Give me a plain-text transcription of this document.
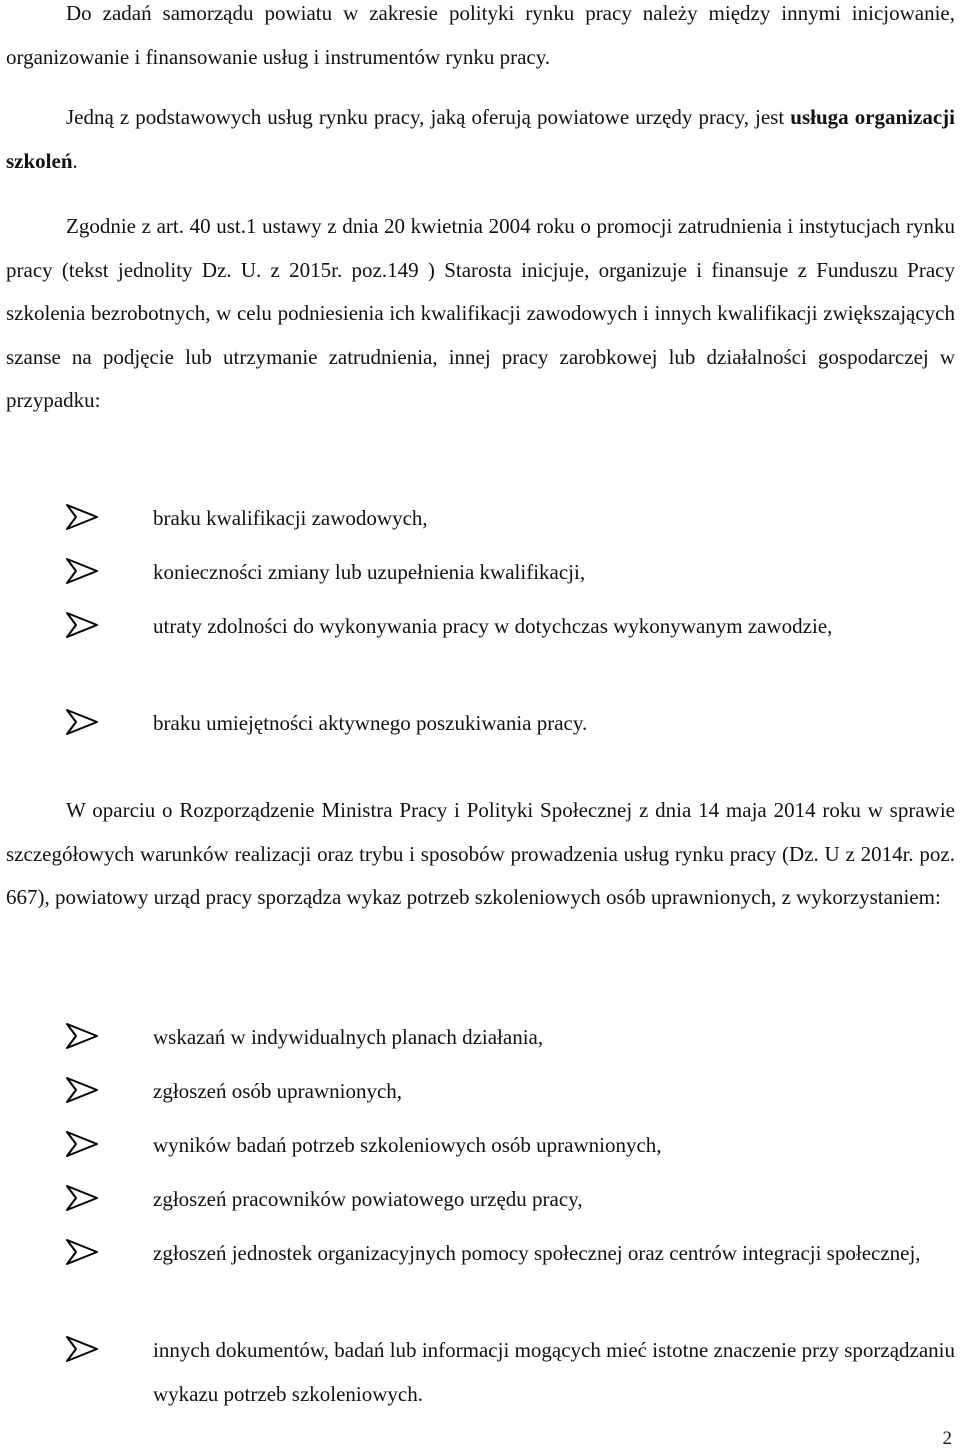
Do zadań samorządu powiatu w zakresie polityki rynku pracy należy między innymi inicjowanie, organizowanie i finansowanie usług i instrumentów rynku pracy.

Jedną z podstawowych usług rynku pracy, jaką oferują powiatowe urzędy pracy, jest usługa organizacji szkoleń.

Zgodnie z art. 40 ust.1 ustawy z dnia 20 kwietnia 2004 roku o promocji zatrudnienia i instytucjach rynku pracy (tekst jednolity Dz. U. z 2015r. poz.149 ) Starosta inicjuje, organizuje i finansuje z Funduszu Pracy szkolenia bezrobotnych, w celu podniesienia ich kwalifikacji zawodowych i innych kwalifikacji zwiększających szanse na podjęcie lub utrzymanie zatrudnienia, innej pracy zarobkowej lub działalności gospodarczej w przypadku:

braku kwalifikacji zawodowych,
konieczności zmiany lub uzupełnienia kwalifikacji,
utraty zdolności do wykonywania pracy w dotychczas wykonywanym zawodzie,
braku umiejętności aktywnego poszukiwania pracy.

W oparciu o Rozporządzenie Ministra Pracy i Polityki Społecznej z dnia 14 maja 2014 roku w sprawie szczegółowych warunków realizacji oraz trybu i sposobów prowadzenia usług rynku pracy (Dz. U z 2014r. poz. 667), powiatowy urząd pracy sporządza wykaz potrzeb szkoleniowych osób uprawnionych, z wykorzystaniem:

wskazań w indywidualnych planach działania,
zgłoszeń osób uprawnionych,
wyników badań potrzeb szkoleniowych osób uprawnionych,
zgłoszeń pracowników powiatowego urzędu pracy,
zgłoszeń jednostek organizacyjnych pomocy społecznej oraz centrów integracji społecznej,
innych dokumentów, badań lub informacji mogących mieć istotne znaczenie przy sporządzaniu wykazu potrzeb szkoleniowych.
2
